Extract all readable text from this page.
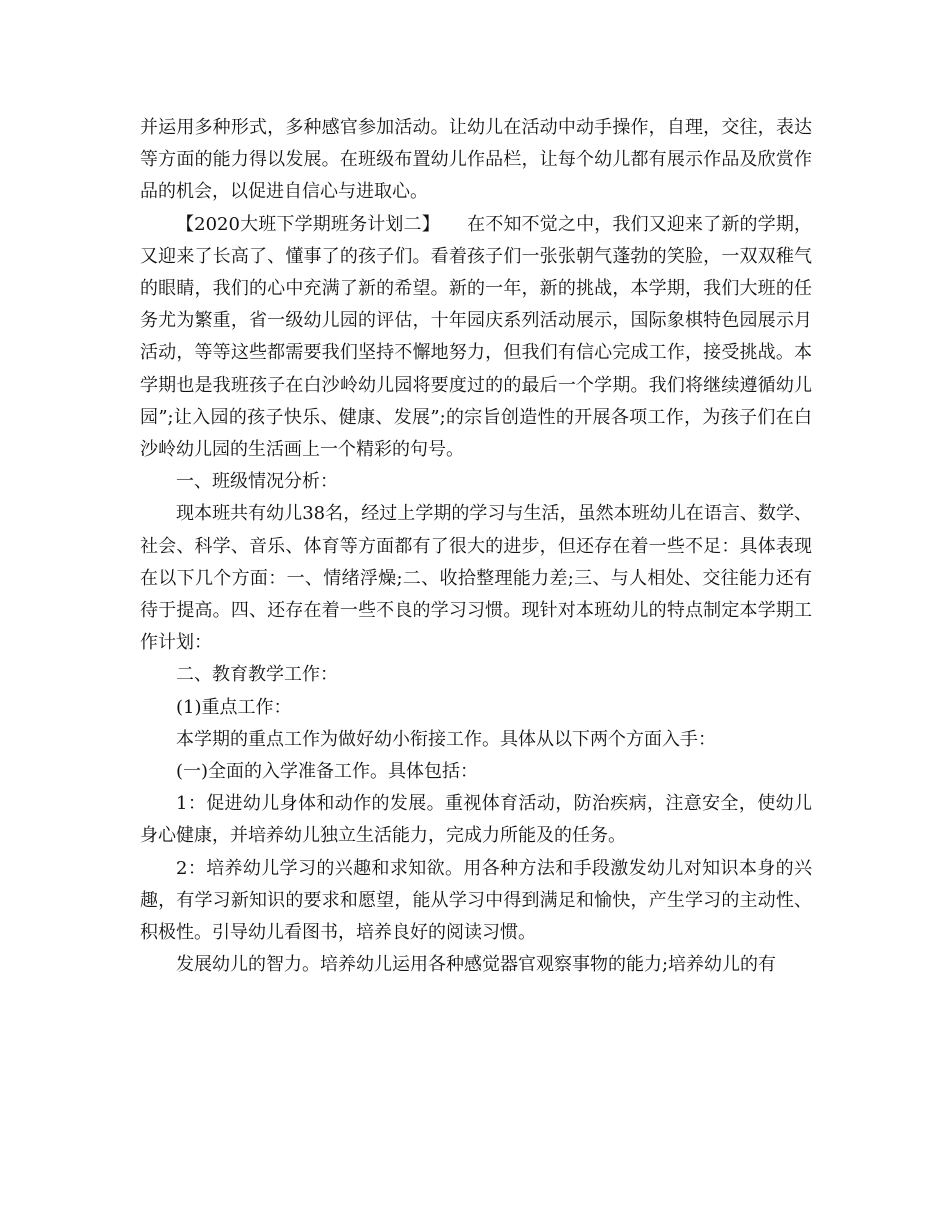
并运用多种形式，多种感官参加活动。让幼儿在活动中动手操作，自理，交往，表达等方面的能力得以发展。在班级布置幼儿作品栏，让每个幼儿都有展示作品及欣赏作品的机会，以促进自信心与进取心。

【2020大班下学期班务计划二】　　在不知不觉之中，我们又迎来了新的学期，又迎来了长高了、懂事了的孩子们。看着孩子们一张张朝气蓬勃的笑脸，一双双稚气的眼睛，我们的心中充满了新的希望。新的一年，新的挑战，本学期，我们大班的任务尤为繁重，省一级幼儿园的评估，十年园庆系列活动展示，国际象棋特色园展示月活动，等等这些都需要我们坚持不懈地努力，但我们有信心完成工作，接受挑战。本学期也是我班孩子在白沙岭幼儿园将要度过的的最后一个学期。我们将继续遵循幼儿园”;让入园的孩子快乐、健康、发展”;的宗旨创造性的开展各项工作，为孩子们在白沙岭幼儿园的生活画上一个精彩的句号。

一、班级情况分析：

现本班共有幼儿38名，经过上学期的学习与生活，虽然本班幼儿在语言、数学、社会、科学、音乐、体育等方面都有了很大的进步，但还存在着一些不足：具体表现在以下几个方面：一、情绪浮燥;二、收拾整理能力差;三、与人相处、交往能力还有待于提高。四、还存在着一些不良的学习习惯。现针对本班幼儿的特点制定本学期工作计划：

二、教育教学工作：

(1)重点工作：

本学期的重点工作为做好幼小衔接工作。具体从以下两个方面入手：

(一)全面的入学准备工作。具体包括：

1：促进幼儿身体和动作的发展。重视体育活动，防治疾病，注意安全，使幼儿身心健康，并培养幼儿独立生活能力，完成力所能及的任务。

2：培养幼儿学习的兴趣和求知欲。用各种方法和手段激发幼儿对知识本身的兴趣，有学习新知识的要求和愿望，能从学习中得到满足和愉快，产生学习的主动性、积极性。引导幼儿看图书，培养良好的阅读习惯。

发展幼儿的智力。培养幼儿运用各种感觉器官观察事物的能力;培养幼儿的有
